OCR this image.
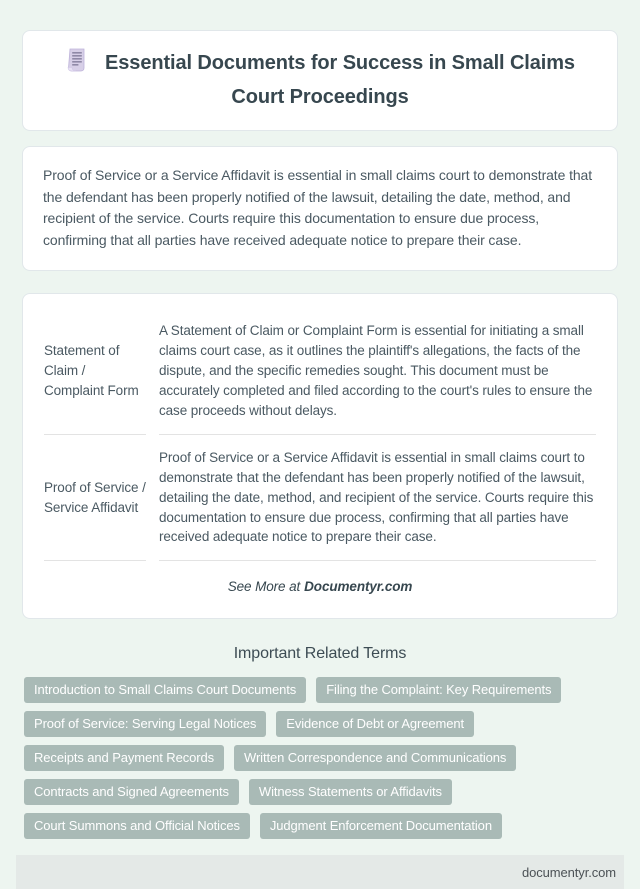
Essential Documents for Success in Small Claims Court Proceedings

Proof of Service or a Service Affidavit is essential in small claims court to demonstrate that the defendant has been properly notified of the lawsuit, detailing the date, method, and recipient of the service. Courts require this documentation to ensure due process, confirming that all parties have received adequate notice to prepare their case.

Statement of Claim / Complaint Form	A Statement of Claim or Complaint Form is essential for initiating a small claims court case, as it outlines the plaintiff's allegations, the facts of the dispute, and the specific remedies sought. This document must be accurately completed and filed according to the court's rules to ensure the case proceeds without delays.
Proof of Service / Service Affidavit	Proof of Service or a Service Affidavit is essential in small claims court to demonstrate that the defendant has been properly notified of the lawsuit, detailing the date, method, and recipient of the service. Courts require this documentation to ensure due process, confirming that all parties have received adequate notice to prepare their case.
See More at Documentyr.com
Important Related Terms
Introduction to Small Claims Court Documents	Filing the Complaint: Key Requirements
Proof of Service: Serving Legal Notices	Evidence of Debt or Agreement
Receipts and Payment Records	Written Correspondence and Communications
Contracts and Signed Agreements	Witness Statements or Affidavits
Court Summons and Official Notices	Judgment Enforcement Documentation
documentyr.com
